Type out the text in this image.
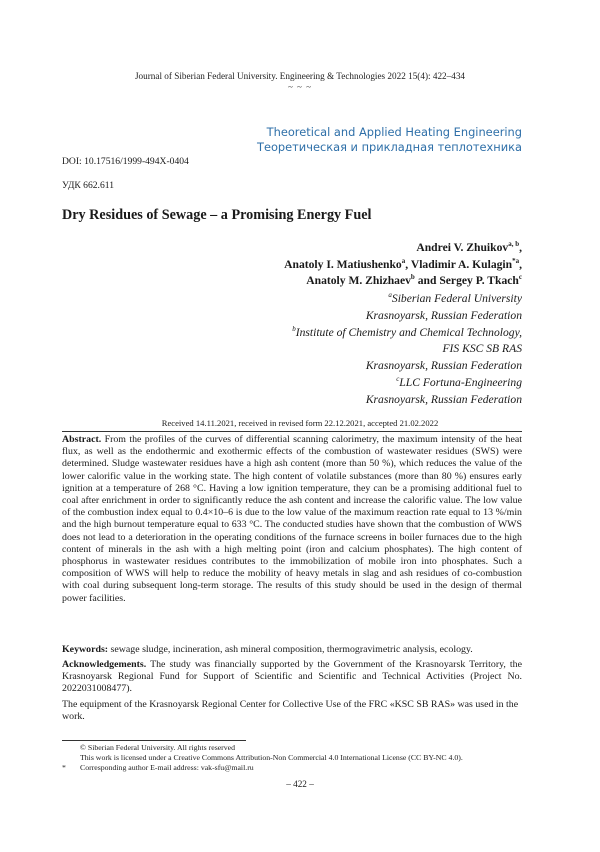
Journal of Siberian Federal University. Engineering & Technologies 2022 15(4): 422–434
~ ~ ~
Theoretical and Applied Heating Engineering
Теоретическая и прикладная теплотехника
DOI: 10.17516/1999-494X-0404
УДК 662.611
Dry Residues of Sewage – a Promising Energy Fuel
Andrei V. Zhuikov$^{a, b}$,
Anatoly I. Matiushenko$^a$, Vladimir A. Kulagin$^{*a}$,
Anatoly M. Zhizhaev$^b$ and Sergey P. Tkach$^c$
$^a$Siberian Federal University
Krasnoyarsk, Russian Federation
$^b$Institute of Chemistry and Chemical Technology,
FIS KSC SB RAS
Krasnoyarsk, Russian Federation
$^c$LLC Fortuna-Engineering
Krasnoyarsk, Russian Federation
Received 14.11.2021, received in revised form 22.12.2021, accepted 21.02.2022
Abstract. From the profiles of the curves of differential scanning calorimetry, the maximum intensity of the heat flux, as well as the endothermic and exothermic effects of the combustion of wastewater residues (SWS) were determined. Sludge wastewater residues have a high ash content (more than 50 %), which reduces the value of the lower calorific value in the working state. The high content of volatile substances (more than 80 %) ensures early ignition at a temperature of 268 °C. Having a low ignition temperature, they can be a promising additional fuel to coal after enrichment in order to significantly reduce the ash content and increase the calorific value. The low value of the combustion index equal to 0.4×10–6 is due to the low value of the maximum reaction rate equal to 13 %/min and the high burnout temperature equal to 633 °C. The conducted studies have shown that the combustion of WWS does not lead to a deterioration in the operating conditions of the furnace screens in boiler furnaces due to the high content of minerals in the ash with a high melting point (iron and calcium phosphates). The high content of phosphorus in wastewater residues contributes to the immobilization of mobile iron into phosphates. Such a composition of WWS will help to reduce the mobility of heavy metals in slag and ash residues of co-combustion with coal during subsequent long-term storage. The results of this study should be used in the design of thermal power facilities.
Keywords: sewage sludge, incineration, ash mineral composition, thermogravimetric analysis, ecology.
Acknowledgements. The study was financially supported by the Government of the Krasnoyarsk Territory, the Krasnoyarsk Regional Fund for Support of Scientific and Scientific and Technical Activities (Project No. 2022031008477).
The equipment of the Krasnoyarsk Regional Center for Collective Use of the FRC «KSC SB RAS» was used in the work.
© Siberian Federal University. All rights reserved
This work is licensed under a Creative Commons Attribution-Non Commercial 4.0 International License (CC BY-NC 4.0).
* Corresponding author E-mail address: vak-sfu@mail.ru
– 422 –
